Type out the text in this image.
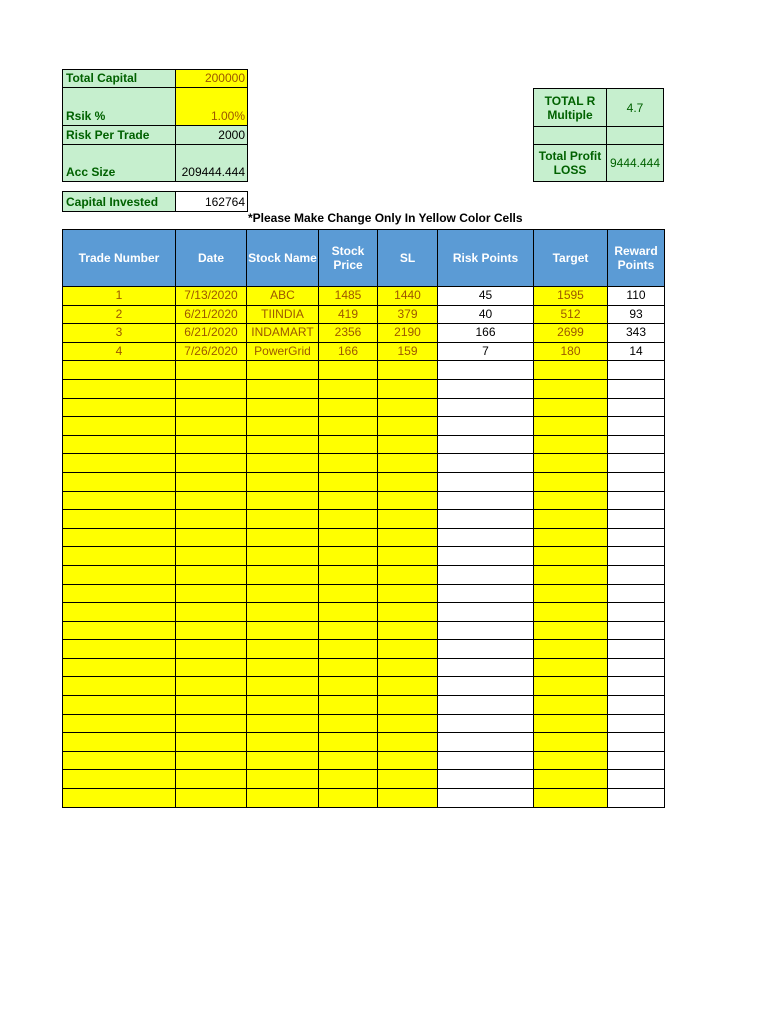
Total Capital	200000
Rsik %	1.00%
Risk Per Trade	2000
Acc Size	209444.444
Capital Invested	162764
TOTAL R Multiple	4.7
Total Profit LOSS	9444.444
*Please Make Change Only In Yellow Color Cells
Trade Number	Date	Stock Name	Stock Price	SL	Risk Points	Target	Reward Points
1	7/13/2020	ABC	1485	1440	45	1595	110
2	6/21/2020	TIINDIA	419	379	40	512	93
3	6/21/2020	INDAMART	2356	2190	166	2699	343
4	7/26/2020	PowerGrid	166	159	7	180	14
